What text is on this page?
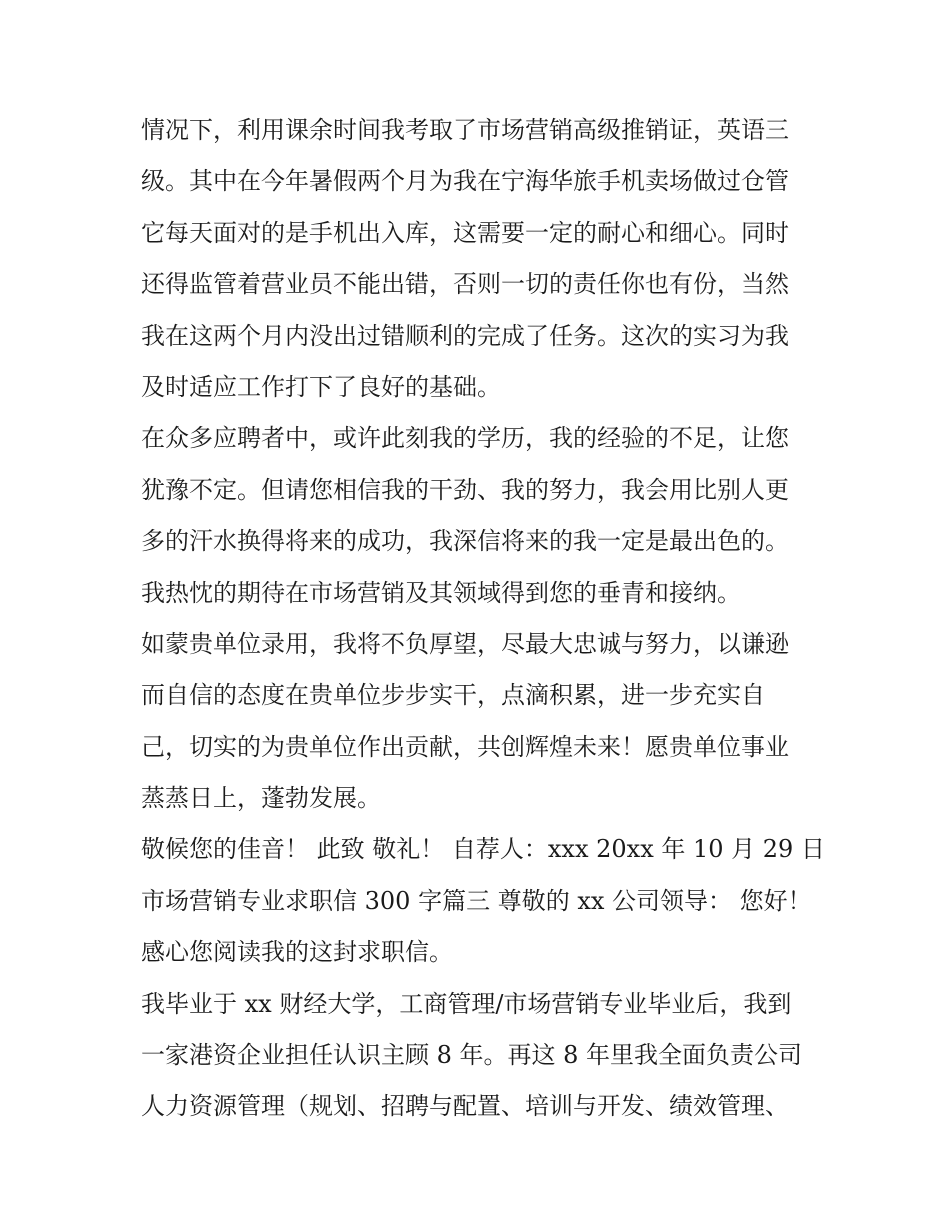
情况下，利用课余时间我考取了市场营销高级推销证，英语三
级。其中在今年暑假两个月为我在宁海华旅手机卖场做过仓管
它每天面对的是手机出入库，这需要一定的耐心和细心。同时
还得监管着营业员不能出错，否则一切的责任你也有份，当然
我在这两个月内没出过错顺利的完成了任务。这次的实习为我
及时适应工作打下了良好的基础。
在众多应聘者中，或许此刻我的学历，我的经验的不足，让您
犹豫不定。但请您相信我的干劲、我的努力，我会用比别人更
多的汗水换得将来的成功，我深信将来的我一定是最出色的。
我热忱的期待在市场营销及其领域得到您的垂青和接纳。
如蒙贵单位录用，我将不负厚望，尽最大忠诚与努力，以谦逊
而自信的态度在贵单位步步实干，点滴积累，进一步充实自
己，切实的为贵单位作出贡献，共创辉煌未来！愿贵单位事业
蒸蒸日上，蓬勃发展。
敬候您的佳音！ 此致 敬礼！ 自荐人：xxx 20xx 年 10 月 29 日
市场营销专业求职信 300 字篇三 尊敬的 xx 公司领导： 您好！
感心您阅读我的这封求职信。
我毕业于 xx 财经大学，工商管理/市场营销专业毕业后，我到
一家港资企业担任认识主顾 8 年。再这 8 年里我全面负责公司
人力资源管理（规划、招聘与配置、培训与开发、绩效管理、
